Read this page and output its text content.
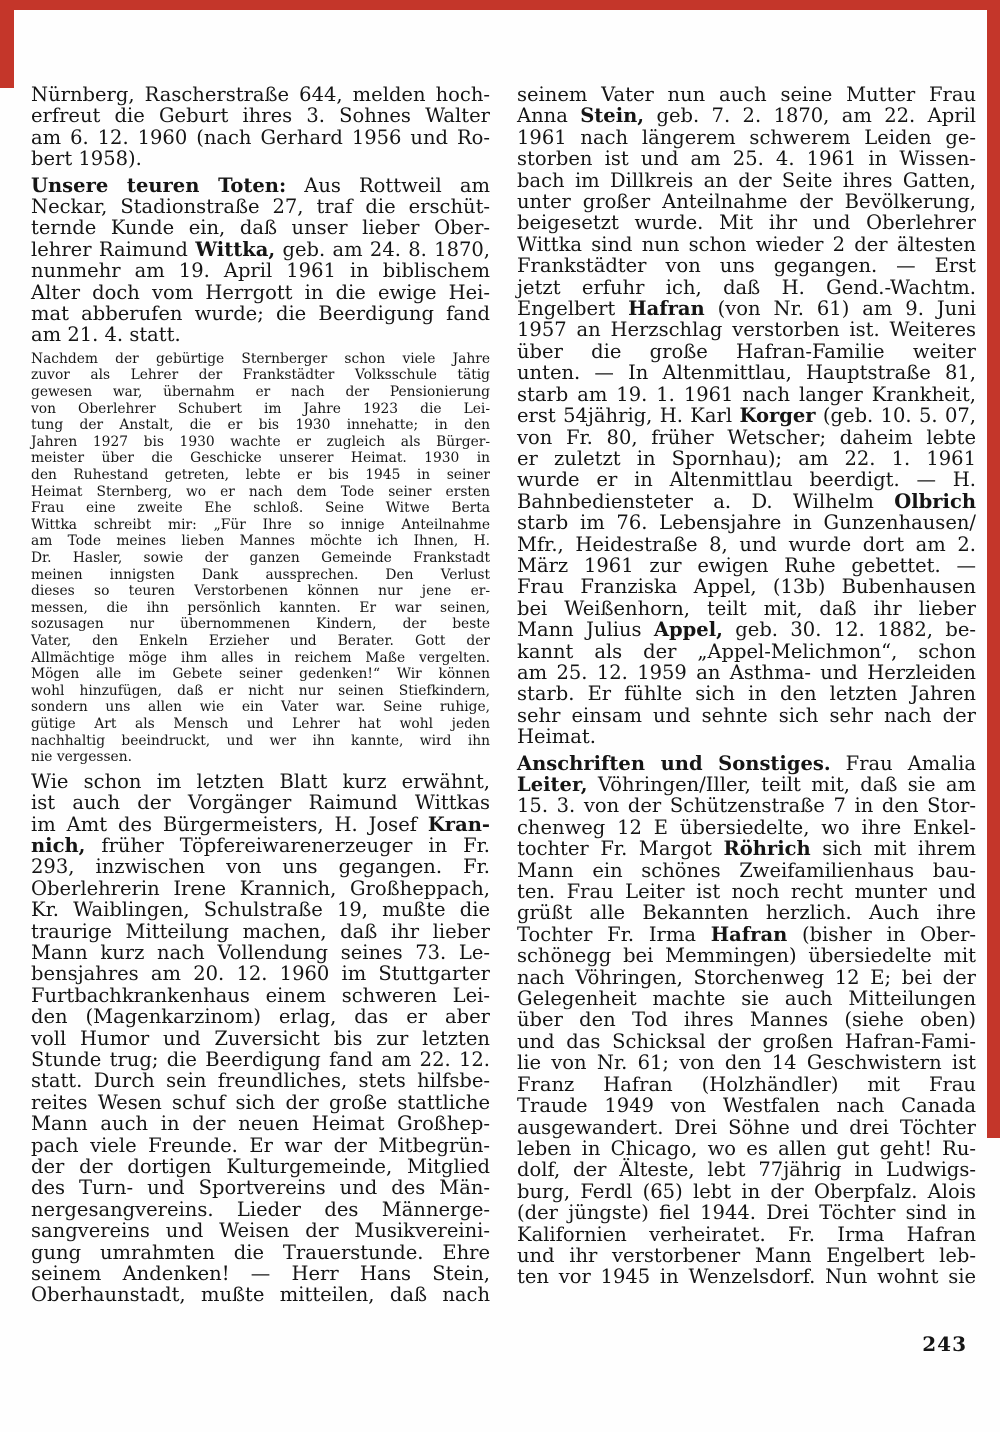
Nürnberg, Rascherstraße 644, melden hoch-
erfreut die Geburt ihres 3. Sohnes Walter
am 6. 12. 1960 (nach Gerhard 1956 und Ro-
bert 1958).
Unsere teuren Toten: Aus Rottweil am
Neckar, Stadionstraße 27, traf die erschüt-
ternde Kunde ein, daß unser lieber Ober-
lehrer Raimund Wittka, geb. am 24. 8. 1870,
nunmehr am 19. April 1961 in biblischem
Alter doch vom Herrgott in die ewige Hei-
mat abberufen wurde; die Beerdigung fand
am 21. 4. statt.
Nachdem der gebürtige Sternberger schon viele Jahre
zuvor als Lehrer der Frankstädter Volksschule tätig
gewesen war, übernahm er nach der Pensionierung
von Oberlehrer Schubert im Jahre 1923 die Lei-
tung der Anstalt, die er bis 1930 innehatte; in den
Jahren 1927 bis 1930 wachte er zugleich als Bürger-
meister über die Geschicke unserer Heimat. 1930 in
den Ruhestand getreten, lebte er bis 1945 in seiner
Heimat Sternberg, wo er nach dem Tode seiner ersten
Frau eine zweite Ehe schloß. Seine Witwe Berta
Wittka schreibt mir: „Für Ihre so innige Anteilnahme
am Tode meines lieben Mannes möchte ich Ihnen, H.
Dr. Hasler, sowie der ganzen Gemeinde Frankstadt
meinen innigsten Dank aussprechen. Den Verlust
dieses so teuren Verstorbenen können nur jene er-
messen, die ihn persönlich kannten. Er war seinen,
sozusagen nur übernommenen Kindern, der beste
Vater, den Enkeln Erzieher und Berater. Gott der
Allmächtige möge ihm alles in reichem Maße vergelten.
Mögen alle im Gebete seiner gedenken!“ Wir können
wohl hinzufügen, daß er nicht nur seinen Stiefkindern,
sondern uns allen wie ein Vater war. Seine ruhige,
gütige Art als Mensch und Lehrer hat wohl jeden
nachhaltig beeindruckt, und wer ihn kannte, wird ihn
nie vergessen.
Wie schon im letzten Blatt kurz erwähnt,
ist auch der Vorgänger Raimund Wittkas
im Amt des Bürgermeisters, H. Josef Kran-
nich, früher Töpfereiwarenerzeuger in Fr.
293, inzwischen von uns gegangen. Fr.
Oberlehrerin Irene Krannich, Großheppach,
Kr. Waiblingen, Schulstraße 19, mußte die
traurige Mitteilung machen, daß ihr lieber
Mann kurz nach Vollendung seines 73. Le-
bensjahres am 20. 12. 1960 im Stuttgarter
Furtbachkrankenhaus einem schweren Lei-
den (Magenkarzinom) erlag, das er aber
voll Humor und Zuversicht bis zur letzten
Stunde trug; die Beerdigung fand am 22. 12.
statt. Durch sein freundliches, stets hilfsbe-
reites Wesen schuf sich der große stattliche
Mann auch in der neuen Heimat Großhep-
pach viele Freunde. Er war der Mitbegrün-
der der dortigen Kulturgemeinde, Mitglied
des Turn- und Sportvereins und des Män-
nergesangvereins. Lieder des Männerge-
sangvereins und Weisen der Musikvereini-
gung umrahmten die Trauerstunde. Ehre
seinem Andenken! — Herr Hans Stein,
Oberhaunstadt, mußte mitteilen, daß nach
seinem Vater nun auch seine Mutter Frau
Anna Stein, geb. 7. 2. 1870, am 22. April
1961 nach längerem schwerem Leiden ge-
storben ist und am 25. 4. 1961 in Wissen-
bach im Dillkreis an der Seite ihres Gatten,
unter großer Anteilnahme der Bevölkerung,
beigesetzt wurde. Mit ihr und Oberlehrer
Wittka sind nun schon wieder 2 der ältesten
Frankstädter von uns gegangen. — Erst
jetzt erfuhr ich, daß H. Gend.-Wachtm.
Engelbert Hafran (von Nr. 61) am 9. Juni
1957 an Herzschlag verstorben ist. Weiteres
über die große Hafran-Familie weiter
unten. — In Altenmittlau, Hauptstraße 81,
starb am 19. 1. 1961 nach langer Krankheit,
erst 54jährig, H. Karl Korger (geb. 10. 5. 07,
von Fr. 80, früher Wetscher; daheim lebte
er zuletzt in Spornhau); am 22. 1. 1961
wurde er in Altenmittlau beerdigt. — H.
Bahnbediensteter a. D. Wilhelm Olbrich
starb im 76. Lebensjahre in Gunzenhausen/
Mfr., Heidestraße 8, und wurde dort am 2.
März 1961 zur ewigen Ruhe gebettet. —
Frau Franziska Appel, (13b) Bubenhausen
bei Weißenhorn, teilt mit, daß ihr lieber
Mann Julius Appel, geb. 30. 12. 1882, be-
kannt als der „Appel-Melichmon“, schon
am 25. 12. 1959 an Asthma- und Herzleiden
starb. Er fühlte sich in den letzten Jahren
sehr einsam und sehnte sich sehr nach der
Heimat.
Anschriften und Sonstiges. Frau Amalia
Leiter, Vöhringen/Iller, teilt mit, daß sie am
15. 3. von der Schützenstraße 7 in den Stor-
chenweg 12 E übersiedelte, wo ihre Enkel-
tochter Fr. Margot Röhrich sich mit ihrem
Mann ein schönes Zweifamilienhaus bau-
ten. Frau Leiter ist noch recht munter und
grüßt alle Bekannten herzlich. Auch ihre
Tochter Fr. Irma Hafran (bisher in Ober-
schönegg bei Memmingen) übersiedelte mit
nach Vöhringen, Storchenweg 12 E; bei der
Gelegenheit machte sie auch Mitteilungen
über den Tod ihres Mannes (siehe oben)
und das Schicksal der großen Hafran-Fami-
lie von Nr. 61; von den 14 Geschwistern ist
Franz Hafran (Holzhändler) mit Frau
Traude 1949 von Westfalen nach Canada
ausgewandert. Drei Söhne und drei Töchter
leben in Chicago, wo es allen gut geht! Ru-
dolf, der Älteste, lebt 77jährig in Ludwigs-
burg, Ferdl (65) lebt in der Oberpfalz. Alois
(der jüngste) fiel 1944. Drei Töchter sind in
Kalifornien verheiratet. Fr. Irma Hafran
und ihr verstorbener Mann Engelbert leb-
ten vor 1945 in Wenzelsdorf. Nun wohnt sie
243
